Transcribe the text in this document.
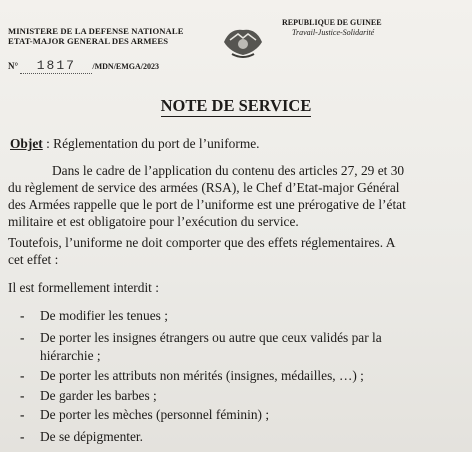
MINISTERE DE LA DEFENSE NATIONALE
ETAT-MAJOR GENERAL DES ARMEES
N° 1817 /MDN/EMGA/2023
REPUBLIQUE DE GUINEE
Travail-Justice-Solidarité
NOTE DE SERVICE
Objet : Réglementation du port de l’uniforme.
Dans le cadre de l’application du contenu des articles 27, 29 et 30
du règlement de service des armées (RSA), le Chef d’Etat-major Général
des Armées rappelle que le port de l’uniforme est une prérogative de l’état
militaire et est obligatoire pour l’exécution du service.
Toutefois, l’uniforme ne doit comporter que des effets réglementaires. A
cet effet :
Il est formellement interdit :
- De modifier les tenues ;
- De porter les insignes étrangers ou autre que ceux validés par la
hiérarchie ;
- De porter les attributs non mérités (insignes, médailles, …) ;
- De garder les barbes ;
- De porter les mèches (personnel féminin) ;
- De se dépigmenter.
